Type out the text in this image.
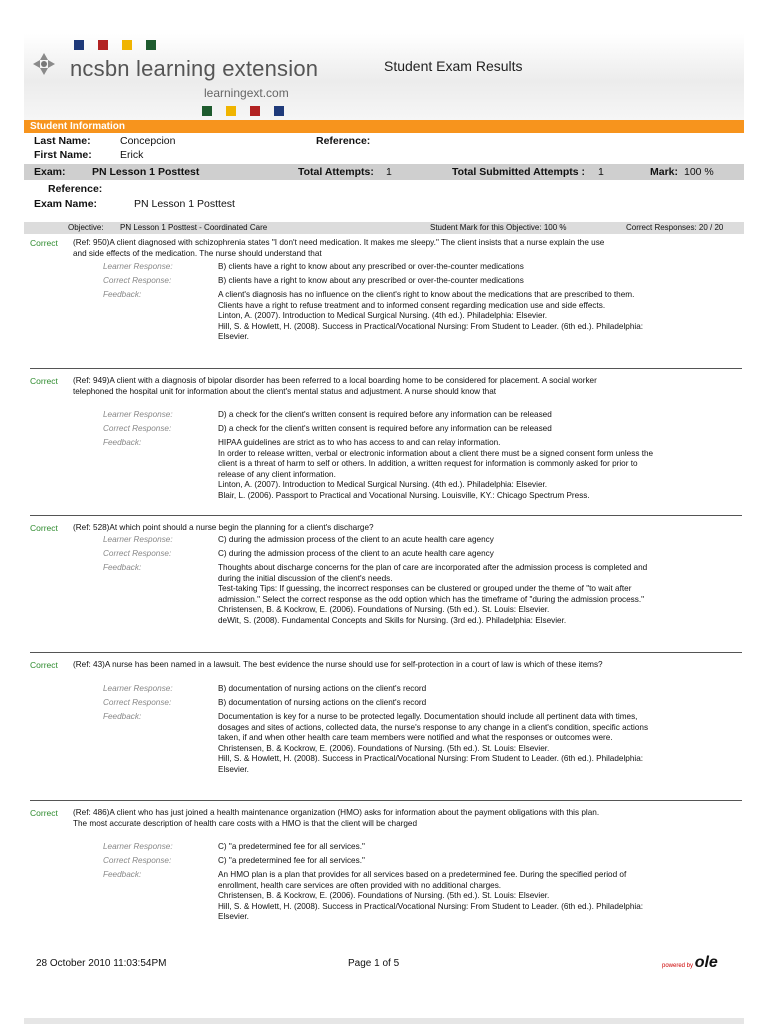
ncsbn learning extension
learningext.com
Student Exam Results
Student Information
Last Name:	Concepcion	Reference:
First Name:	Erick
Exam:	PN Lesson 1 Posttest	Total Attempts: 1	Total Submitted Attempts : 1	Mark: 100 %
Reference:
Exam Name:	PN Lesson 1 Posttest
Objective: PN Lesson 1 Posttest - Coordinated Care	Student Mark for this Objective: 100 %	Correct Responses: 20 / 20
Correct (Ref: 950)A client diagnosed with schizophrenia states "I don't need medication. It makes me sleepy." The client insists that a nurse explain the use and side effects of the medication. The nurse should understand that
Learner Response:	B) clients have a right to know about any prescribed or over-the-counter medications
Correct Response:	B) clients have a right to know about any prescribed or over-the-counter medications
Feedback:	A client's diagnosis has no influence on the client's right to know about the medications that are prescribed to them.

Clients have a right to refuse treatment and to informed consent regarding medication use and side effects.

Linton, A. (2007). Introduction to Medical Surgical Nursing. (4th ed.). Philadelphia: Elsevier.

Hill, S. & Howlett, H. (2008). Success in Practical/Vocational Nursing: From Student to Leader. (6th ed.). Philadelphia: Elsevier.

Correct (Ref: 949)A client with a diagnosis of bipolar disorder has been referred to a local boarding home to be considered for placement. A social worker telephoned the hospital unit for information about the client's mental status and adjustment. A nurse should know that
Learner Response:	D) a check for the client's written consent is required before any information can be released
Correct Response:	D) a check for the client's written consent is required before any information can be released
Feedback:	HIPAA guidelines are strict as to who has access to and can relay information.

In order to release written, verbal or electronic information about a client there must be a signed consent form unless the client is a threat of harm to self or others. In addition, a written request for information is commonly asked for prior to release of any client information.

Linton, A. (2007). Introduction to Medical Surgical Nursing. (4th ed.). Philadelphia: Elsevier.

Blair, L. (2006). Passport to Practical and Vocational Nursing. Louisville, KY.: Chicago Spectrum Press.

Correct (Ref: 528)At which point should a nurse begin the planning for a client's discharge?
Learner Response:	C) during the admission process of the client to an acute health care agency
Correct Response:	C) during the admission process of the client to an acute health care agency
Feedback:	Thoughts about discharge concerns for the plan of care are incorporated after the admission process is completed and during the initial discussion of the client's needs.

Test-taking Tips: If guessing, the incorrect responses can be clustered or grouped under the theme of "to wait after admission." Select the correct response as the odd option which has the timeframe of "during the admission process."

Christensen, B. & Kockrow, E. (2006). Foundations of Nursing. (5th ed.). St. Louis: Elsevier.

deWit, S. (2008). Fundamental Concepts and Skills for Nursing. (3rd ed.). Philadelphia: Elsevier.

Correct (Ref: 43)A nurse has been named in a lawsuit. The best evidence the nurse should use for self-protection in a court of law is which of these items?
Learner Response:	B) documentation of nursing actions on the client's record
Correct Response:	B) documentation of nursing actions on the client's record
Feedback:	Documentation is key for a nurse to be protected legally. Documentation should include all pertinent data with times, dosages and sites of actions, collected data, the nurse's response to any change in a client's condition, specific actions taken, if and when other health care team members were notified and what the responses or outcomes were.

Christensen, B. & Kockrow, E. (2006). Foundations of Nursing. (5th ed.). St. Louis: Elsevier.

Hill, S. & Howlett, H. (2008). Success in Practical/Vocational Nursing: From Student to Leader. (6th ed.). Philadelphia: Elsevier.

Correct (Ref: 486)A client who has just joined a health maintenance organization (HMO) asks for information about the payment obligations with this plan. The most accurate description of health care costs with a HMO is that the client will be charged
Learner Response:	C) "a predetermined fee for all services."
Correct Response:	C) "a predetermined fee for all services."
Feedback:	An HMO plan is a plan that provides for all services based on a predetermined fee. During the specified period of enrollment, health care services are often provided with no additional charges.

Christensen, B. & Kockrow, E. (2006). Foundations of Nursing. (5th ed.). St. Louis: Elsevier.

Hill, S. & Howlett, H. (2008). Success in Practical/Vocational Nursing: From Student to Leader. (6th ed.). Philadelphia: Elsevier.

28 October 2010 11:03:54PM	Page 1 of 5	powered by ole
